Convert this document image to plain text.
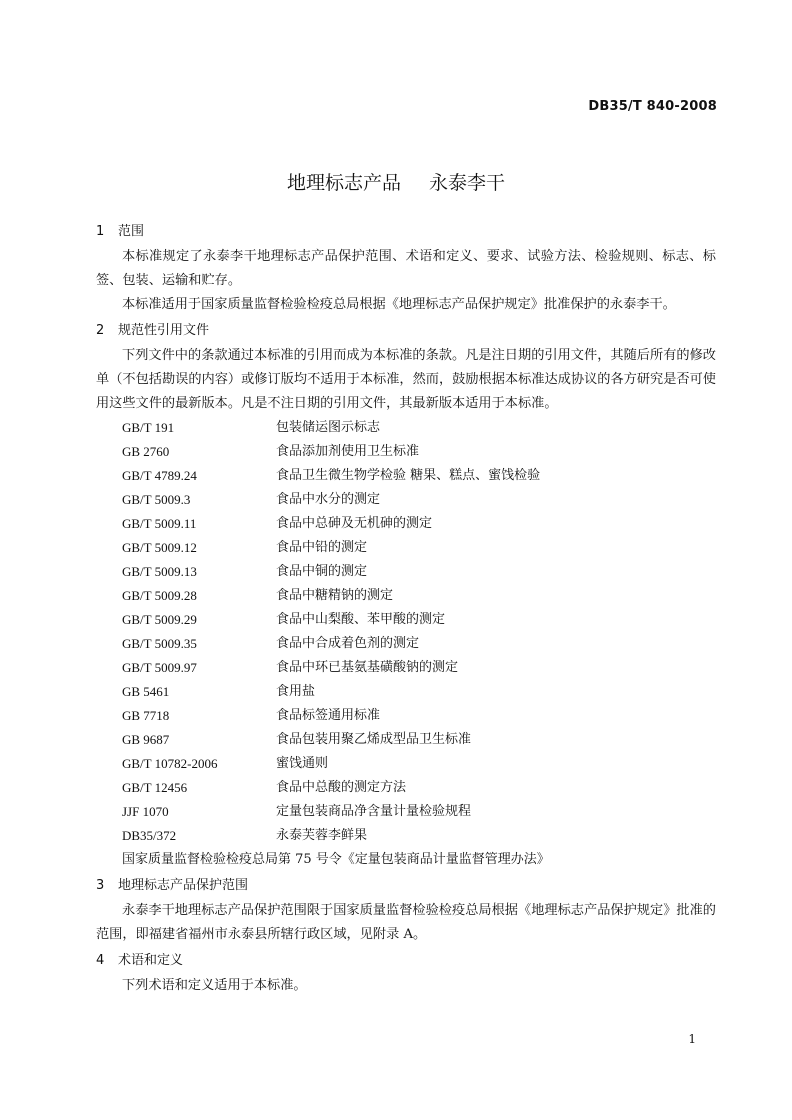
DB35/T 840-2008
地理标志产品 永泰李干
1 范围

本标准规定了永泰李干地理标志产品保护范围、术语和定义、要求、试验方法、检验规则、标志、标签、包装、运输和贮存。

本标准适用于国家质量监督检验检疫总局根据《地理标志产品保护规定》批准保护的永泰李干。

2 规范性引用文件

下列文件中的条款通过本标准的引用而成为本标准的条款。凡是注日期的引用文件，其随后所有的修改单（不包括勘误的内容）或修订版均不适用于本标准，然而，鼓励根据本标准达成协议的各方研究是否可使用这些文件的最新版本。凡是不注日期的引用文件，其最新版本适用于本标准。

GB/T 191	包装储运图示标志
GB 2760	食品添加剂使用卫生标准
GB/T 4789.24	食品卫生微生物学检验 糖果、糕点、蜜饯检验
GB/T 5009.3	食品中水分的测定
GB/T 5009.11	食品中总砷及无机砷的测定
GB/T 5009.12	食品中铅的测定
GB/T 5009.13	食品中铜的测定
GB/T 5009.28	食品中糖精钠的测定
GB/T 5009.29	食品中山梨酸、苯甲酸的测定
GB/T 5009.35	食品中合成着色剂的测定
GB/T 5009.97	食品中环已基氨基磺酸钠的测定
GB 5461	食用盐
GB 7718	食品标签通用标准
GB 9687	食品包装用聚乙烯成型品卫生标准
GB/T 10782-2006	蜜饯通则
GB/T 12456	食品中总酸的测定方法
JJF 1070	定量包装商品净含量计量检验规程
DB35/372	永泰芙蓉李鲜果
国家质量监督检验检疫总局第 75 号令《定量包装商品计量监督管理办法》
3 地理标志产品保护范围

永泰李干地理标志产品保护范围限于国家质量监督检验检疫总局根据《地理标志产品保护规定》批准的范围，即福建省福州市永泰县所辖行政区域，见附录 A。

4 术语和定义

下列术语和定义适用于本标准。

1
